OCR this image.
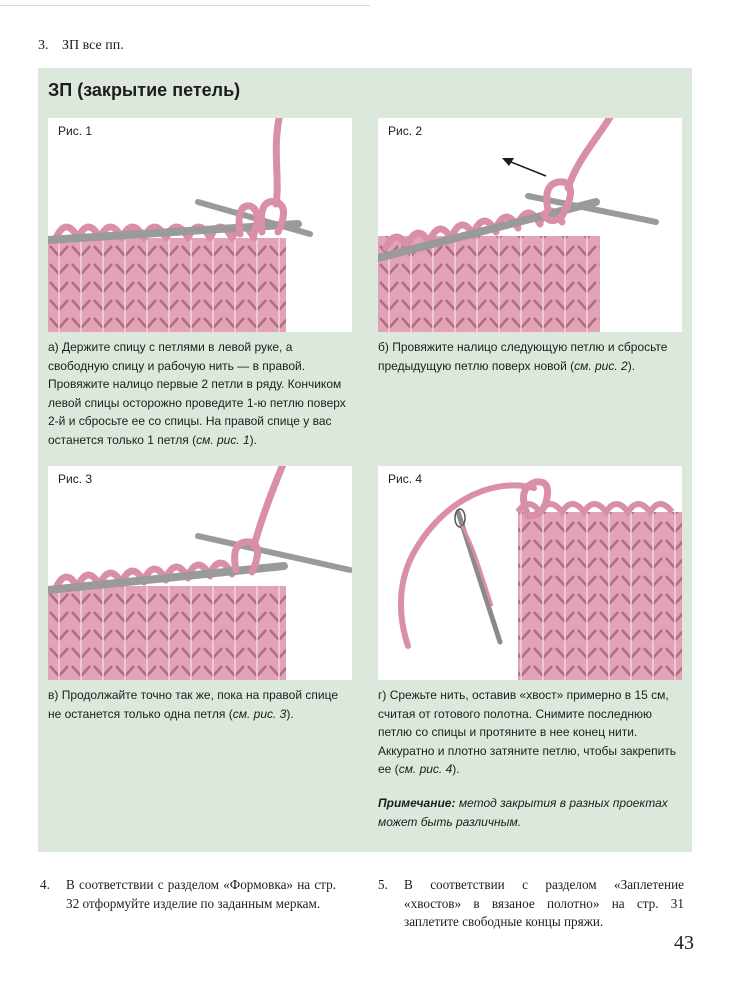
3. ЗП все пп.
ЗП (закрытие петель)
Рис. 1	Рис. 2

а) Держите спицу с петлями в левой руке, а свободную спицу и рабочую нить — в правой. Провяжите налицо первые 2 петли в ряду. Кончиком левой спицы осторожно проведите 1-ю петлю поверх 2-й и сбросьте ее со спицы. На правой спице у вас останется только 1 петля (см. рис. 1).

б) Провяжите налицо следующую петлю и сбросьте предыдущую петлю поверх новой (см. рис. 2).

Рис. 3	Рис. 4

в) Продолжайте точно так же, пока на правой спице не останется только одна петля (см. рис. 3).

г) Срежьте нить, оставив «хвост» примерно в 15 см, считая от готового полотна. Снимите последнюю петлю со спицы и протяните в нее конец нити. Аккуратно и плотно затяните петлю, чтобы закрепить ее (см. рис. 4).

Примечание: метод закрытия в разных проектах может быть различным.

4.	В соответствии с разделом «Формовка» на стр. 32 отформуйте изделие по заданным меркам.
5.	В соответствии с разделом «Заплетение «хвостов» в вязаное полотно» на стр. 31 заплетите свободные концы пряжи.
43
